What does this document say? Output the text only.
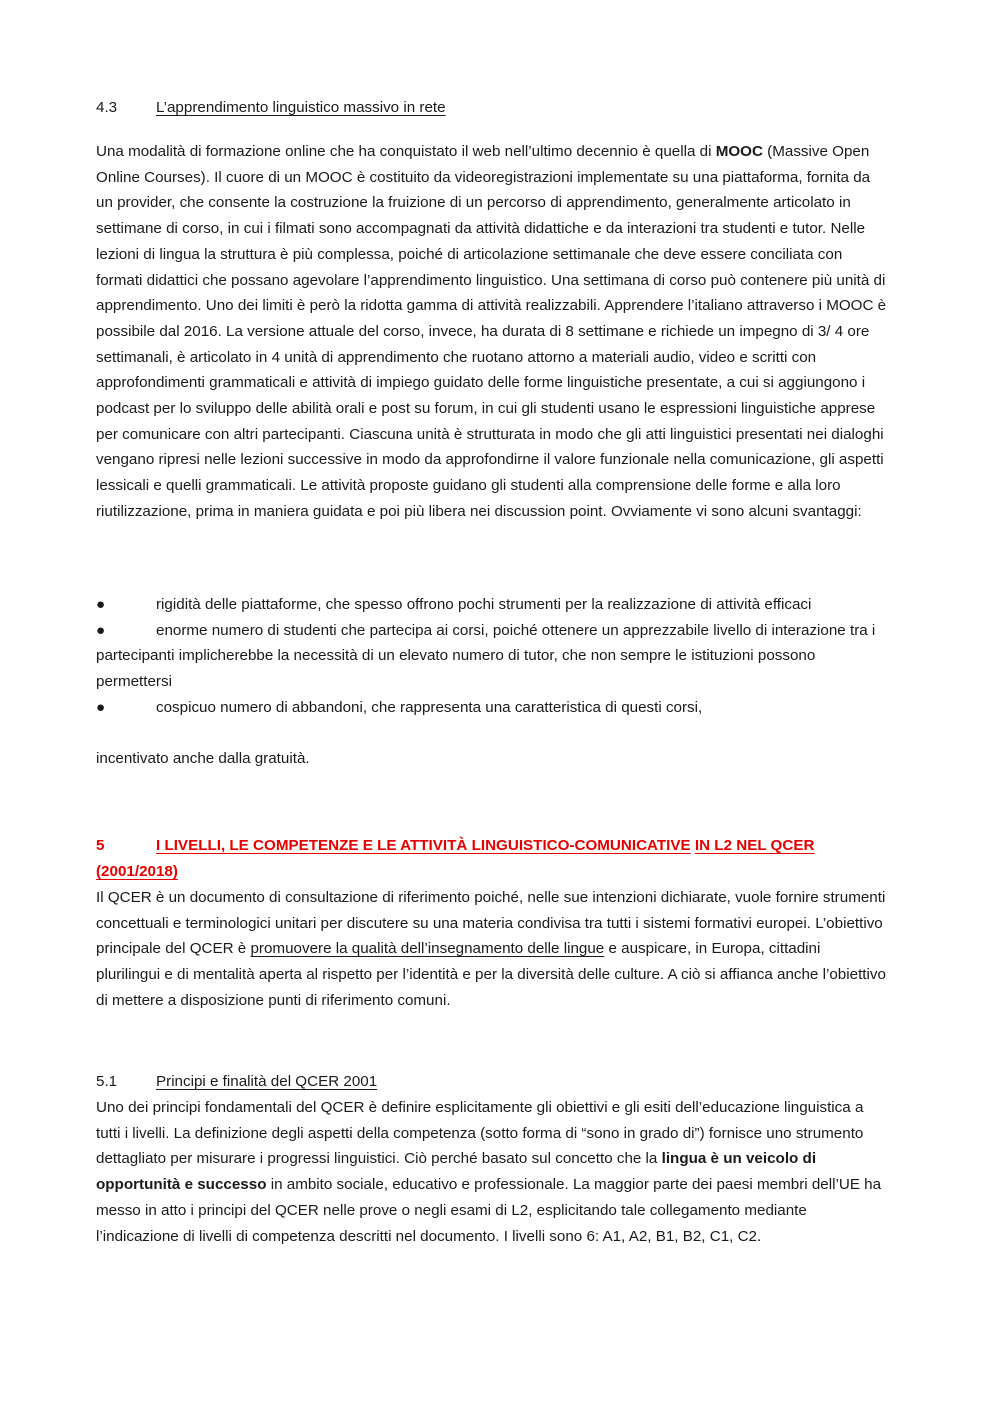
4.3	L’apprendimento linguistico massivo in rete

Una modalità di formazione online che ha conquistato il web nell’ultimo decennio è quella di MOOC (Massive Open Online Courses). Il cuore di un MOOC è costituito da videoregistrazioni implementate su una piattaforma, fornita da un provider, che consente la costruzione la fruizione di un percorso di apprendimento, generalmente articolato in settimane di corso, in cui i filmati sono accompagnati da attività didattiche e da interazioni tra studenti e tutor. Nelle lezioni di lingua la struttura è più complessa, poiché di articolazione settimanale che deve essere conciliata con formati didattici che possano agevolare l’apprendimento linguistico. Una settimana di corso può contenere più unità di apprendimento. Uno dei limiti è però la ridotta gamma di attività realizzabili. Apprendere l’italiano attraverso i MOOC è possibile dal 2016. La versione attuale del corso, invece, ha durata di 8 settimane e richiede un impegno di 3/ 4 ore settimanali, è articolato in 4 unità di apprendimento che ruotano attorno a materiali audio, video e scritti con approfondimenti grammaticali e attività di impiego guidato delle forme linguistiche presentate, a cui si aggiungono i podcast per lo sviluppo delle abilità orali e post su forum, in cui gli studenti usano le espressioni linguistiche apprese per comunicare con altri partecipanti. Ciascuna unità è strutturata in modo che gli atti linguistici presentati nei dialoghi vengano ripresi nelle lezioni successive in modo da approfondirne il valore funzionale nella comunicazione, gli aspetti lessicali e quelli grammaticali. Le attività proposte guidano gli studenti alla comprensione delle forme e alla loro riutilizzazione, prima in maniera guidata e poi più libera nei discussion point. Ovviamente vi sono alcuni svantaggi:

●	rigidità delle piattaforme, che spesso offrono pochi strumenti per la realizzazione di attività efficaci
●	enorme numero di studenti che partecipa ai corsi, poiché ottenere un apprezzabile livello di interazione tra i partecipanti implicherebbe la necessità di un elevato numero di tutor, che non sempre le istituzioni possono permettersi
●	cospicuo numero di abbandoni, che rappresenta una caratteristica di questi corsi,

incentivato anche dalla gratuità.

5	I LIVELLI, LE COMPETENZE E LE ATTIVITÀ LINGUISTICO-COMUNICATIVE IN L2 NEL QCER
(2001/2018)

Il QCER è un documento di consultazione di riferimento poiché, nelle sue intenzioni dichiarate, vuole fornire strumenti concettuali e terminologici unitari per discutere su una materia condivisa tra tutti i sistemi formativi europei. L’obiettivo principale del QCER è promuovere la qualità dell’insegnamento delle lingue e auspicare, in Europa, cittadini plurilingui e di mentalità aperta al rispetto per l’identità e per la diversità delle culture. A ciò si affianca anche l’obiettivo di mettere a disposizione punti di riferimento comuni.

5.1	Principi e finalità del QCER 2001

Uno dei principi fondamentali del QCER è definire esplicitamente gli obiettivi e gli esiti dell’educazione linguistica a tutti i livelli. La definizione degli aspetti della competenza (sotto forma di “sono in grado di”) fornisce uno strumento dettagliato per misurare i progressi linguistici. Ciò perché basato sul concetto che la lingua è un veicolo di opportunità e successo in ambito sociale, educativo e professionale. La maggior parte dei paesi membri dell’UE ha messo in atto i principi del QCER nelle prove o negli esami di L2, esplicitando tale collegamento mediante l’indicazione di livelli di competenza descritti nel documento. I livelli sono 6: A1, A2, B1, B2, C1, C2.
